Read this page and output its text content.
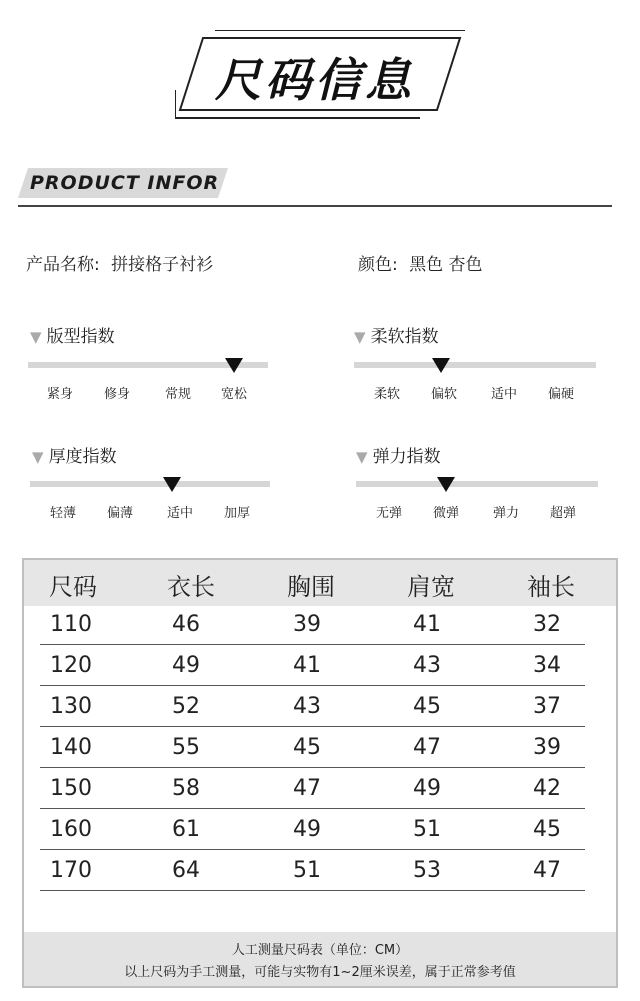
尺码信息
PRODUCT INFOR
产品名称: 拼接格子衬衫	颜色: 黑色 杏色
▼ 版型指数
紧身	修身	常规	宽松
▼ 柔软指数
柔软	偏软	适中	偏硬
▼ 厚度指数
轻薄	偏薄	适中	加厚
▼ 弹力指数
无弹	微弹	弹力	超弹
尺码	衣长	胸围	肩宽	袖长
110	46	39	41	32
120	49	41	43	34
130	52	43	45	37
140	55	45	47	39
150	58	47	49	42
160	61	49	51	45
170	64	51	53	47
人工测量尺码表（单位：CM）
以上尺码为手工测量，可能与实物有1~2厘米误差，属于正常参考值
